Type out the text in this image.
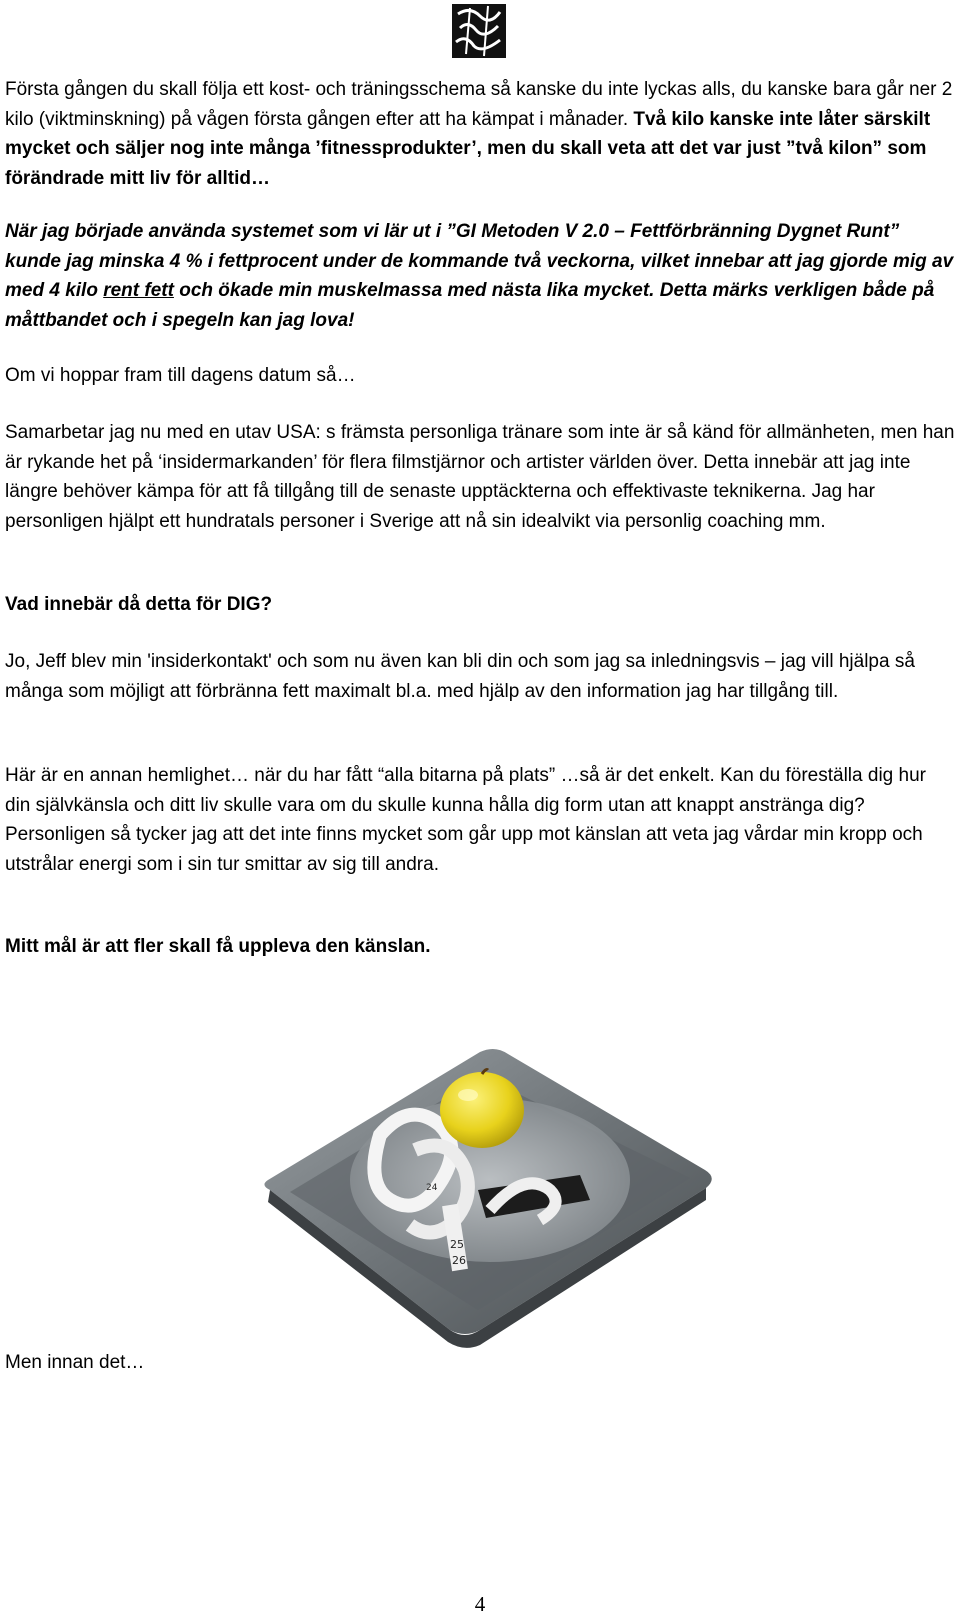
Första gången du skall följa ett kost- och träningsschema så kanske du inte lyckas alls, du kanske bara går ner 2 kilo (viktminskning) på vågen första gången efter att ha kämpat i månader. Två kilo kanske inte låter särskilt mycket och säljer nog inte många ’fitnessprodukter’, men du skall veta att det var just ”två kilon” som förändrade mitt liv för alltid…

När jag började använda systemet som vi lär ut i ”GI Metoden V 2.0 – Fettförbränning Dygnet Runt” kunde jag minska 4 % i fettprocent under de kommande två veckorna, vilket innebar att jag gjorde mig av med 4 kilo rent fett och ökade min muskelmassa med nästa lika mycket. Detta märks verkligen både på måttbandet och i spegeln kan jag lova!

Om vi hoppar fram till dagens datum så…

Samarbetar jag nu med en utav USA: s främsta personliga tränare som inte är så känd för allmänheten, men han är rykande het på ‘insidermarkanden’ för flera filmstjärnor och artister världen över. Detta innebär att jag inte längre behöver kämpa för att få tillgång till de senaste upptäckterna och effektivaste teknikerna. Jag har personligen hjälpt ett hundratals personer i Sverige att nå sin idealvikt via personlig coaching mm.

Vad innebär då detta för DIG?

Jo, Jeff blev min 'insiderkontakt' och som nu även kan bli din och som jag sa inledningsvis – jag vill hjälpa så många som möjligt att förbränna fett maximalt bl.a. med hjälp av den information jag har tillgång till.

Här är en annan hemlighet… när du har fått “alla bitarna på plats” …så är det enkelt. Kan du föreställa dig hur din självkänsla och ditt liv skulle vara om du skulle kunna hålla dig form utan att knappt anstränga dig? Personligen så tycker jag att det inte finns mycket som går upp mot känslan att veta jag vårdar min kropp och utstrålar energi som i sin tur smittar av sig till andra.

Mitt mål är att fler skall få uppleva den känslan.

25
26
24

Men innan det…

4
